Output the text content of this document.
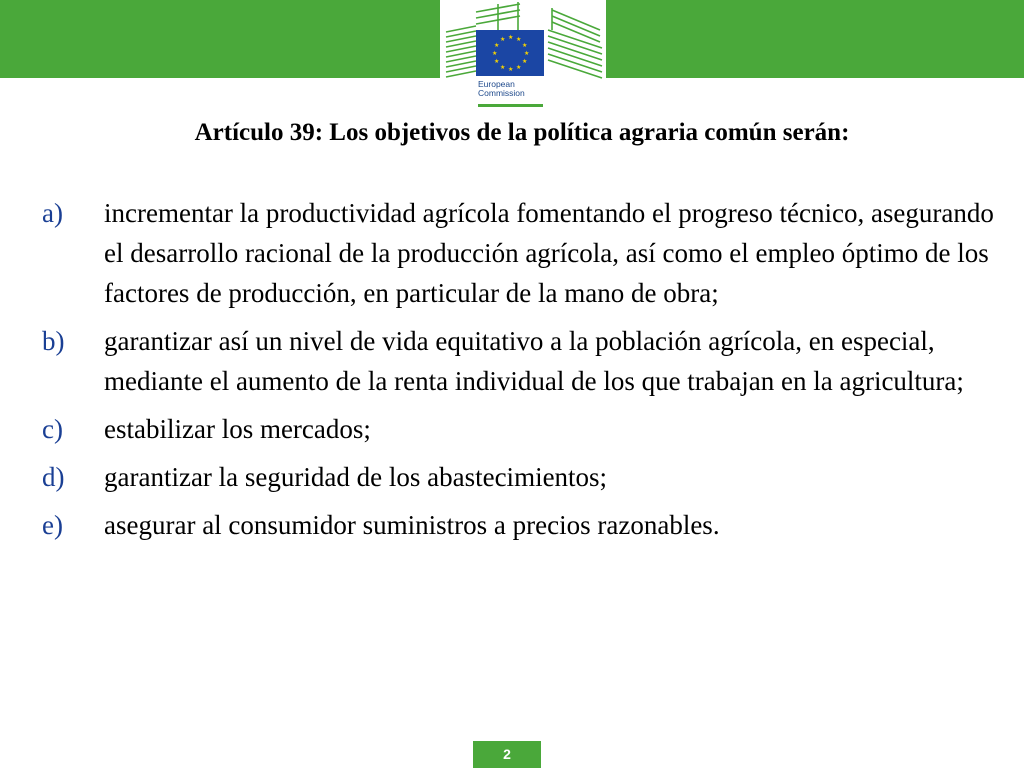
★ ★
★
★
★
★
★
★
★
★
★
★
European
Commission
Artículo 39: Los objetivos de la política agraria común serán:
a)	incrementar la productividad agrícola fomentando el progreso técnico, asegurando el desarrollo racional de la producción agrícola, así como el empleo óptimo de los factores de producción, en particular de la mano de obra;
b)	garantizar así un nivel de vida equitativo a la población agrícola, en especial, mediante el aumento de la renta individual de los que trabajan en la agricultura;
c)	estabilizar los mercados;
d)	garantizar la seguridad de los abastecimientos;
e)	asegurar al consumidor suministros a precios razonables.
2
